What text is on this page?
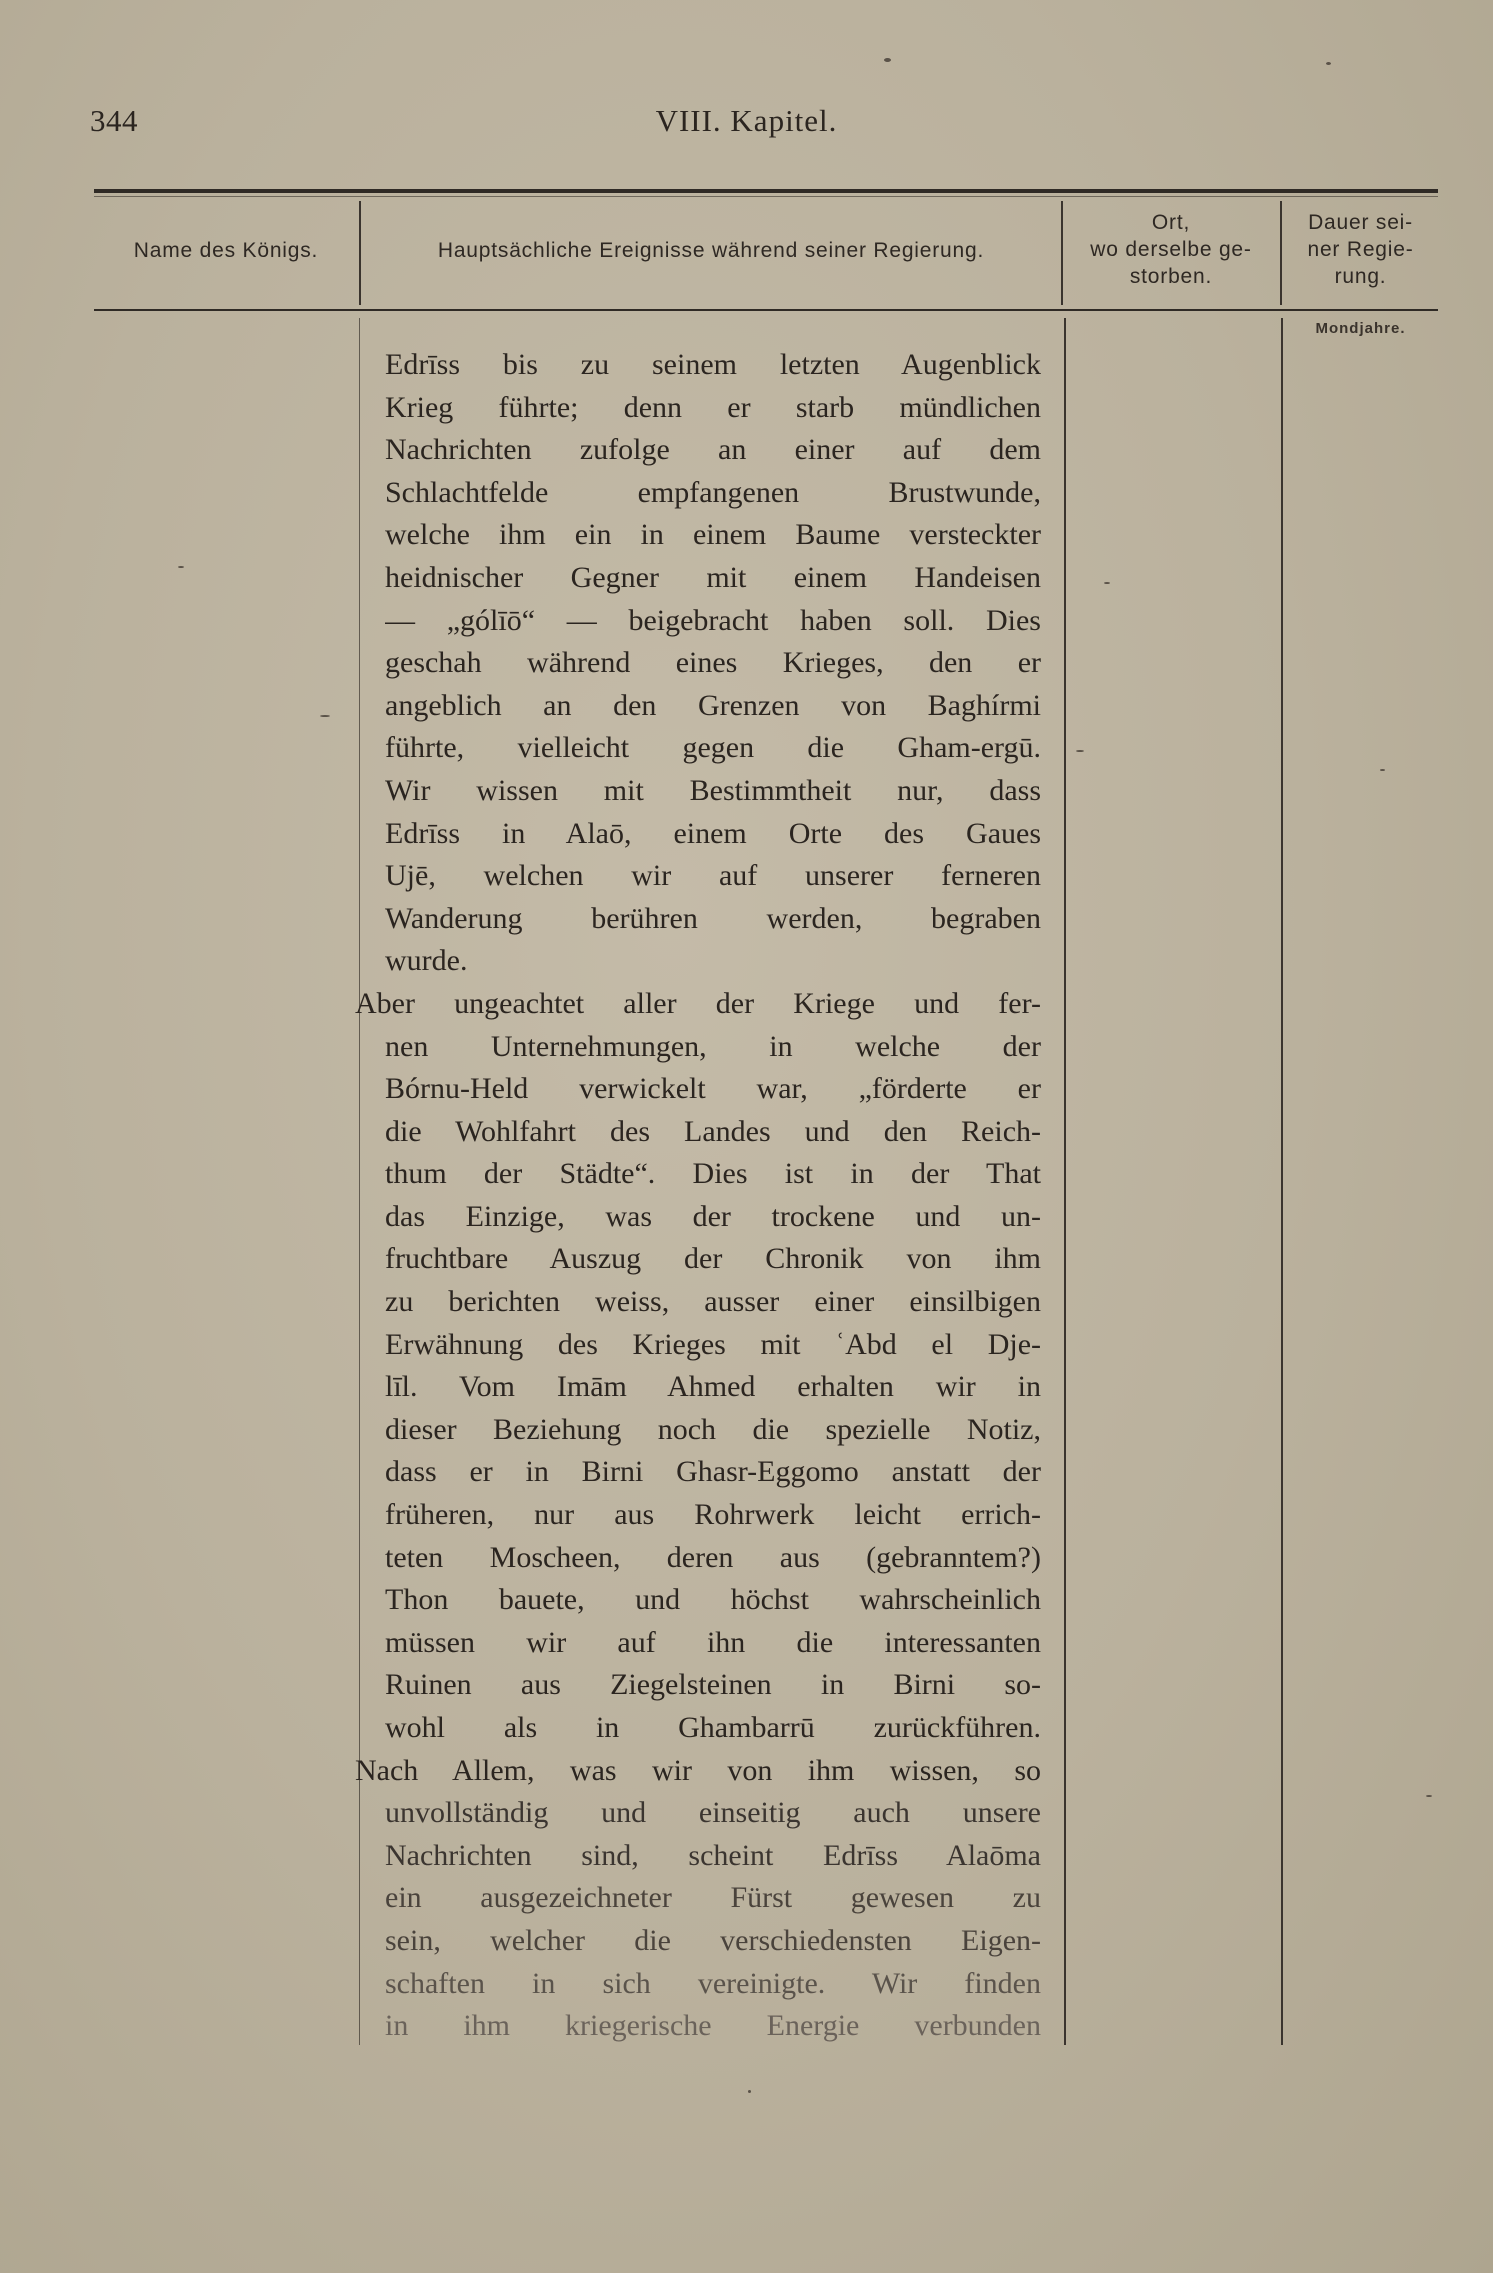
344	VIII. Kapitel.
Name des Königs.	Hauptsächliche Ereignisse während seiner Regierung.
Ort,
wo derselbe ge-
storben.
Dauer sei-
ner Regie-
rung.
Mondjahre.
Edrīss bis zu seinem letzten Augenblick
Krieg führte; denn er starb mündlichen
Nachrichten zufolge an einer auf dem
Schlachtfelde empfangenen Brustwunde,
welche ihm ein in einem Baume versteckter
heidnischer Gegner mit einem Handeisen
— „gólīō“ — beigebracht haben soll. Dies
geschah während eines Krieges, den er
angeblich an den Grenzen von Baghírmi
führte, vielleicht gegen die Gham-ergū.
Wir wissen mit Bestimmtheit nur, dass
Edrīss in Alaō, einem Orte des Gaues
Ujē, welchen wir auf unserer ferneren
Wanderung berühren werden, begraben
wurde.
Aber ungeachtet aller der Kriege und fer-
nen Unternehmungen, in welche der
Bórnu-Held verwickelt war, „förderte er
die Wohlfahrt des Landes und den Reich-
thum der Städte“. Dies ist in der That
das Einzige, was der trockene und un-
fruchtbare Auszug der Chronik von ihm
zu berichten weiss, ausser einer einsilbigen
Erwähnung des Krieges mit ʿAbd el Dje-
līl. Vom Imām Ahmed erhalten wir in
dieser Beziehung noch die spezielle Notiz,
dass er in Birni Ghasr-Eggomo anstatt der
früheren, nur aus Rohrwerk leicht errich-
teten Moscheen, deren aus (gebranntem?)
Thon bauete, und höchst wahrscheinlich
müssen wir auf ihn die interessanten
Ruinen aus Ziegelsteinen in Birni so-
wohl als in Ghambarrū zurückführen.
Nach Allem, was wir von ihm wissen, so
unvollständig und einseitig auch unsere
Nachrichten sind, scheint Edrīss Alaōma
ein ausgezeichneter Fürst gewesen zu
sein, welcher die verschiedensten Eigen-
schaften in sich vereinigte. Wir finden
in ihm kriegerische Energie verbunden
